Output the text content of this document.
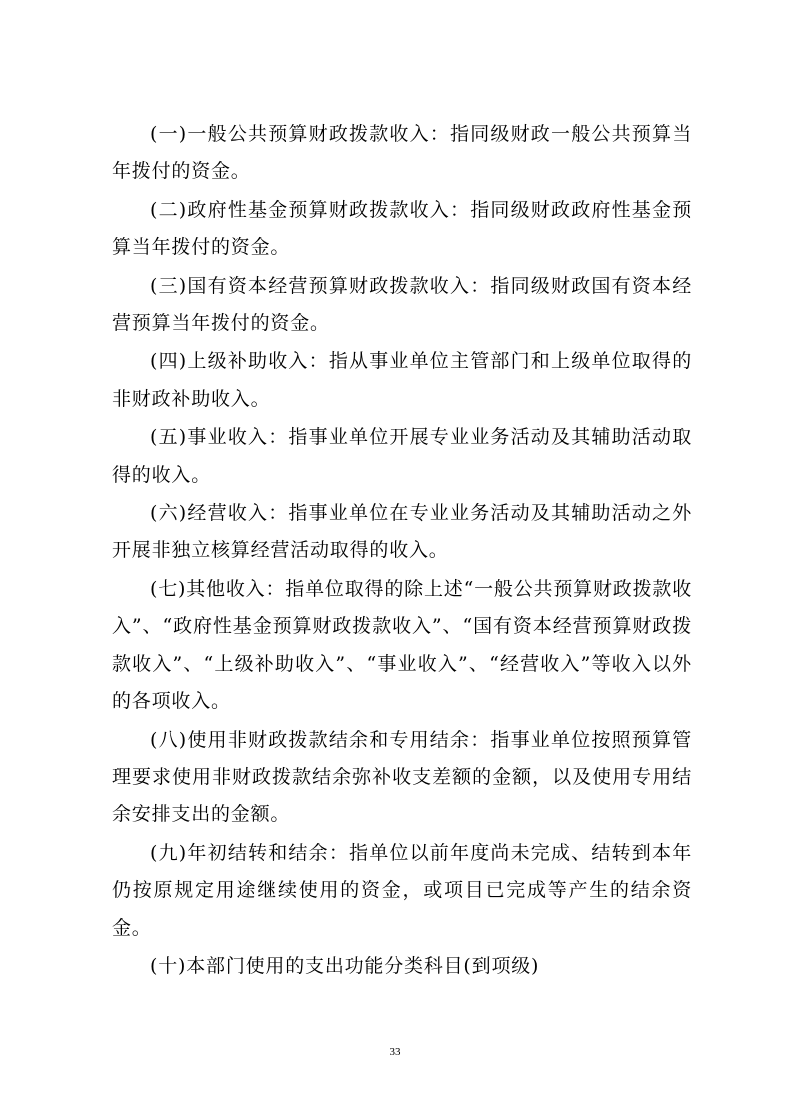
(一)一般公共预算财政拨款收入：指同级财政一般公共预算当年拨付的资金。

(二)政府性基金预算财政拨款收入：指同级财政政府性基金预算当年拨付的资金。

(三)国有资本经营预算财政拨款收入：指同级财政国有资本经营预算当年拨付的资金。

(四)上级补助收入：指从事业单位主管部门和上级单位取得的非财政补助收入。

(五)事业收入：指事业单位开展专业业务活动及其辅助活动取得的收入。

(六)经营收入：指事业单位在专业业务活动及其辅助活动之外开展非独立核算经营活动取得的收入。

(七)其他收入：指单位取得的除上述“一般公共预算财政拨款收入”、“政府性基金预算财政拨款收入”、“国有资本经营预算财政拨款收入”、“上级补助收入”、“事业收入”、“经营收入”等收入以外的各项收入。

(八)使用非财政拨款结余和专用结余：指事业单位按照预算管理要求使用非财政拨款结余弥补收支差额的金额，以及使用专用结余安排支出的金额。

(九)年初结转和结余：指单位以前年度尚未完成、结转到本年仍按原规定用途继续使用的资金，或项目已完成等产生的结余资金。

(十)本部门使用的支出功能分类科目(到项级)

33
